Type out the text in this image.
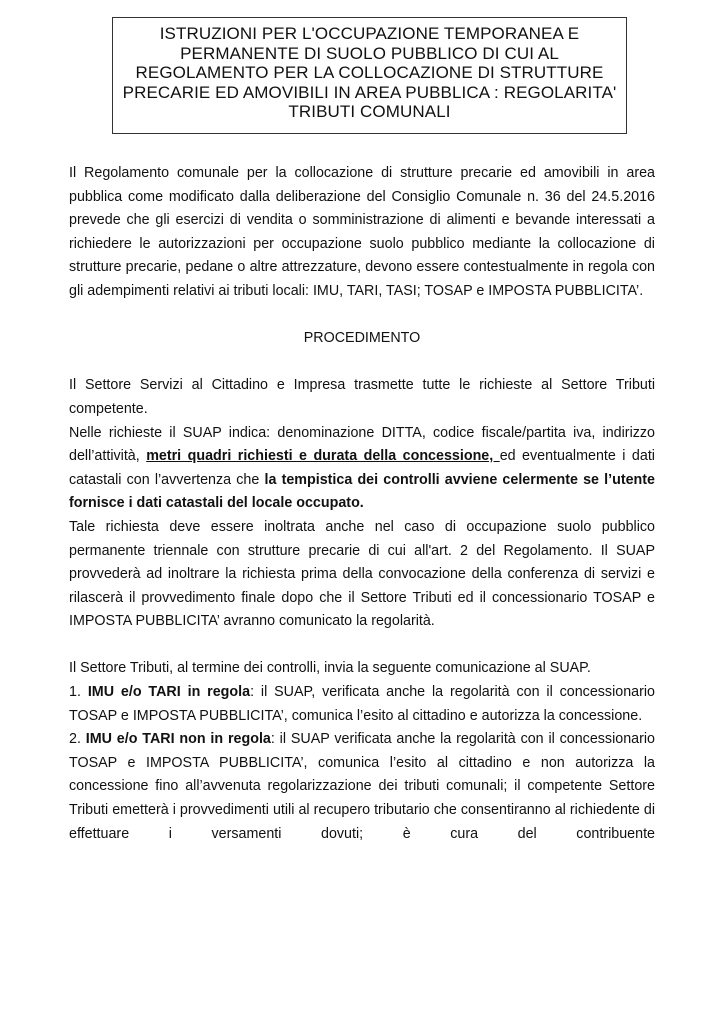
ISTRUZIONI PER L'OCCUPAZIONE TEMPORANEA E
PERMANENTE DI SUOLO PUBBLICO DI CUI AL
REGOLAMENTO PER LA COLLOCAZIONE DI STRUTTURE
PRECARIE ED AMOVIBILI IN AREA PUBBLICA : REGOLARITA'
TRIBUTI COMUNALI

Il Regolamento comunale per la collocazione di strutture precarie ed amovibili in area pubblica come modificato dalla deliberazione del Consiglio Comunale n. 36 del 24.5.2016 prevede che gli esercizi di vendita o somministrazione di alimenti e bevande interessati a richiedere le autorizzazioni per occupazione suolo pubblico mediante la collocazione di strutture precarie, pedane o altre attrezzature, devono essere contestualmente in regola con gli adempimenti relativi ai tributi locali: IMU, TARI, TASI; TOSAP e IMPOSTA PUBBLICITA’.

PROCEDIMENTO

Il Settore Servizi al Cittadino e Impresa trasmette tutte le richieste al Settore Tributi competente.

Nelle richieste il SUAP indica: denominazione DITTA, codice fiscale/partita iva, indirizzo dell’attività, metri quadri richiesti e durata della concessione, ed eventualmente i dati catastali con l’avvertenza che la tempistica dei controlli avviene celermente se l’utente fornisce i dati catastali del locale occupato.

Tale richiesta deve essere inoltrata anche nel caso di occupazione suolo pubblico permanente triennale con strutture precarie di cui all'art. 2 del Regolamento. Il SUAP provvederà ad inoltrare la richiesta prima della convocazione della conferenza di servizi e rilascerà il provvedimento finale dopo che il Settore Tributi ed il concessionario TOSAP e IMPOSTA PUBBLICITA’ avranno comunicato la regolarità.

Il Settore Tributi, al termine dei controlli, invia la seguente comunicazione al SUAP.

1. IMU e/o TARI in regola: il SUAP, verificata anche la regolarità con il concessionario TOSAP e IMPOSTA PUBBLICITA’, comunica l’esito al cittadino e autorizza la concessione.

2. IMU e/o TARI non in regola: il SUAP verificata anche la regolarità con il concessionario TOSAP e IMPOSTA PUBBLICITA’, comunica l’esito al cittadino e non autorizza la concessione fino all’avvenuta regolarizzazione dei tributi comunali; il competente Settore Tributi emetterà i provvedimenti utili al recupero tributario che consentiranno al richiedente di effettuare i versamenti dovuti; è cura del contribuente
